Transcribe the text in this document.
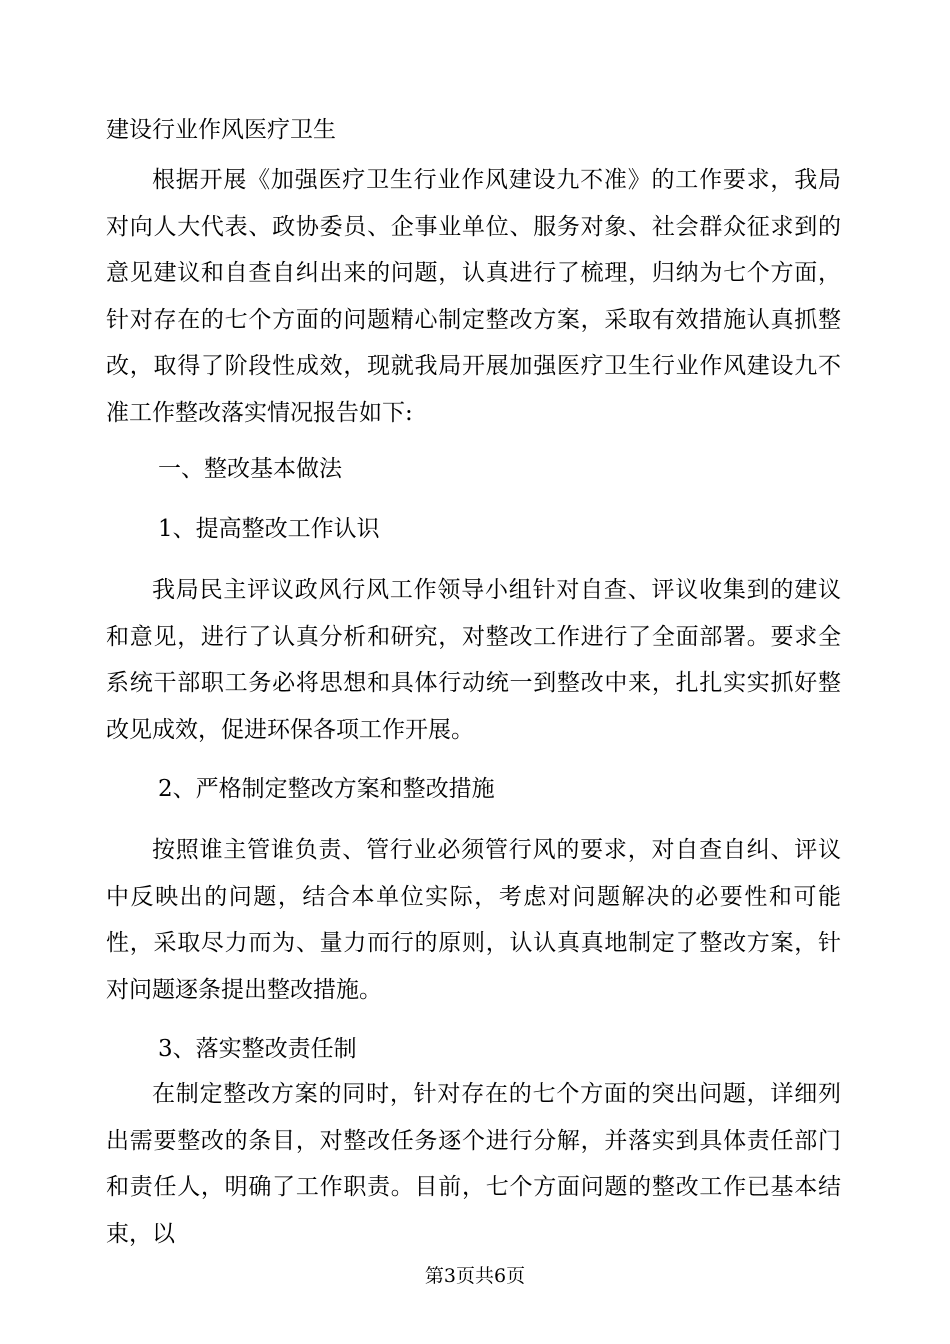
建设行业作风医疗卫生

根据开展《加强医疗卫生行业作风建设九不准》的工作要求，我局对向人大代表、政协委员、企事业单位、服务对象、社会群众征求到的意见建议和自查自纠出来的问题，认真进行了梳理，归纳为七个方面，针对存在的七个方面的问题精心制定整改方案，采取有效措施认真抓整改，取得了阶段性成效，现就我局开展加强医疗卫生行业作风建设九不准工作整改落实情况报告如下:

一、整改基本做法

1、提高整改工作认识

我局民主评议政风行风工作领导小组针对自查、评议收集到的建议和意见，进行了认真分析和研究，对整改工作进行了全面部署。要求全系统干部职工务必将思想和具体行动统一到整改中来，扎扎实实抓好整改见成效，促进环保各项工作开展。

2、严格制定整改方案和整改措施

按照谁主管谁负责、管行业必须管行风的要求，对自查自纠、评议中反映出的问题，结合本单位实际，考虑对问题解决的必要性和可能性，采取尽力而为、量力而行的原则，认认真真地制定了整改方案，针对问题逐条提出整改措施。

3、落实整改责任制

在制定整改方案的同时，针对存在的七个方面的突出问题，详细列出需要整改的条目，对整改任务逐个进行分解，并落实到具体责任部门和责任人，明确了工作职责。目前，七个方面问题的整改工作已基本结束，以

第3页共6页
